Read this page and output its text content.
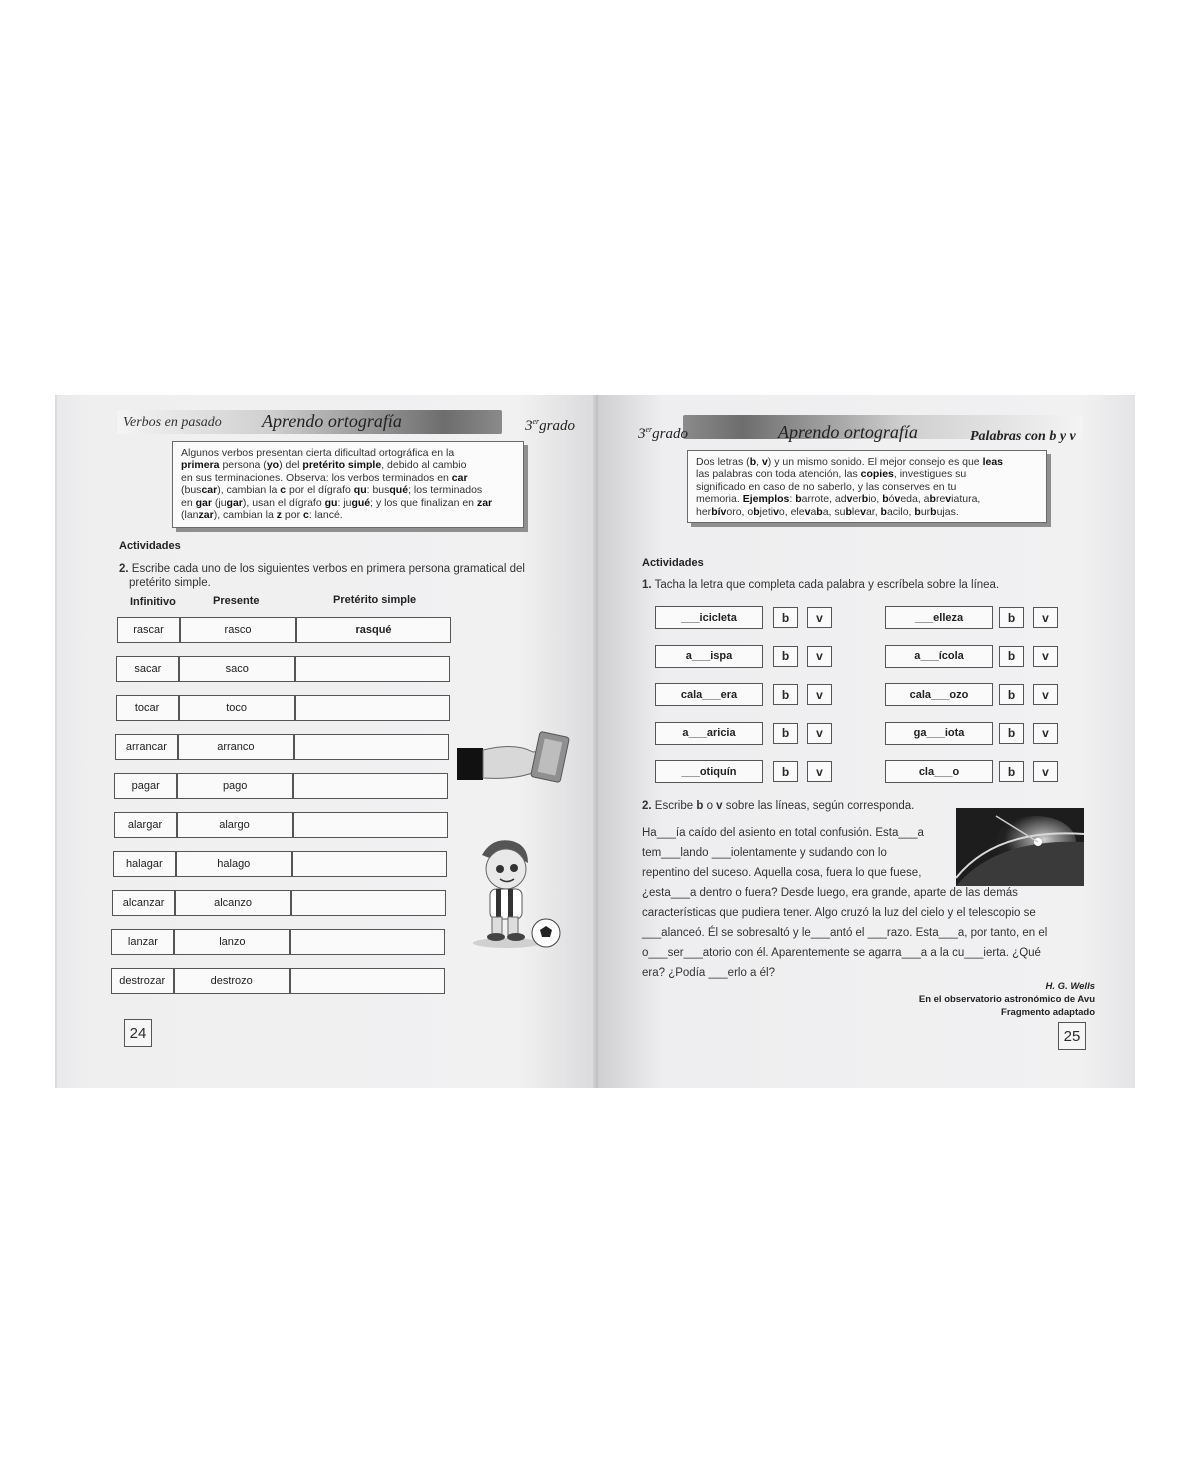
Verbos en pasado Aprendo ortografía	3ergrado
Algunos verbos presentan cierta dificultad ortográfica en la
primera persona (yo) del pretérito simple, debido al cambio
en sus terminaciones. Observa: los verbos terminados en car
(buscar), cambian la c por el dígrafo qu: busqué; los terminados
en gar (jugar), usan el dígrafo gu: jugué; y los que finalizan en zar
(lanzar), cambian la z por c: lancé.
Actividades
2. Escribe cada uno de los siguientes verbos en primera persona gramatical del
pretérito simple.
Infinitivo	Presente	Pretérito simple
rascar	rasco	rasqué
sacar	saco
tocar	toco
arrancar	arranco
pagar	pago
alargar	alargo
halagar	halago
alcanzar	alcanzo
lanzar	lanzo
destrozar	destrozo
24
3ergrado	Aprendo ortografía	Palabras con b y v
Dos letras (b, v) y un mismo sonido. El mejor consejo es que leas
las palabras con toda atención, las copies, investigues su
significado en caso de no saberlo, y las conserves en tu
memoria. Ejemplos: barrote, adverbio, bóveda, abreviatura,
herbívoro, objetivo, elevaba, sublevar, bacilo, burbujas.
Actividades
1. Tacha la letra que completa cada palabra y escríbela sobre la línea.
___icicleta	b	v
a___ispa	b	v
cala___era	b	v
a___aricia	b	v
___otiquín	b	v
___elleza	b	v
a___ícola	b	v
cala___ozo	b	v
ga___iota	b	v
cla___o	b	v
2. Escribe b o v sobre las líneas, según corresponda.
Ha___ía caído del asiento en total confusión. Esta___a
tem___lando ___iolentamente y sudando con lo
repentino del suceso. Aquella cosa, fuera lo que fuese,
¿esta___a dentro o fuera? Desde luego, era grande, aparte de las demás
características que pudiera tener. Algo cruzó la luz del cielo y el telescopio se
___alanceó. Él se sobresaltó y le___antó el ___razo. Esta___a, por tanto, en el
o___ser___atorio con él. Aparentemente se agarra___a a la cu___ierta. ¿Qué
era? ¿Podía ___erlo a él?
H. G. Wells
En el observatorio astronómico de Avu
Fragmento adaptado
25
